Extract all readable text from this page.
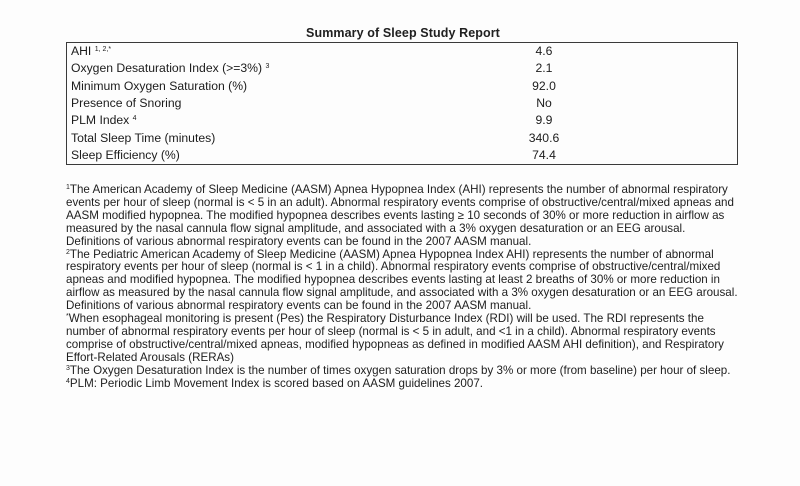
Summary of Sleep Study Report
AHI $^{1, 2,*}$	4.6
Oxygen Desaturation Index (>=3%) $^3$	2.1
Minimum Oxygen Saturation (%)	92.0
Presence of Snoring	No
PLM Index $^4$	9.9
Total Sleep Time (minutes)	340.6
Sleep Efficiency (%)	74.4

$^1$The American Academy of Sleep Medicine (AASM) Apnea Hypopnea Index (AHI) represents the number of abnormal respiratory events per hour of sleep (normal is < 5 in an adult). Abnormal respiratory events comprise of obstructive/central/mixed apneas and AASM modified hypopnea. The modified hypopnea describes events lasting ≥ 10 seconds of 30% or more reduction in airflow as measured by the nasal cannula flow signal amplitude, and associated with a 3% oxygen desaturation or an EEG arousal. Definitions of various abnormal respiratory events can be found in the 2007 AASM manual.

$^2$The Pediatric American Academy of Sleep Medicine (AASM) Apnea Hypopnea Index AHI) represents the number of abnormal respiratory events per hour of sleep (normal is < 1 in a child). Abnormal respiratory events comprise of obstructive/central/mixed apneas and modified hypopnea. The modified hypopnea describes events lasting at least 2 breaths of 30% or more reduction in airflow as measured by the nasal cannula flow signal amplitude, and associated with a 3% oxygen desaturation or an EEG arousal. Definitions of various abnormal respiratory events can be found in the 2007 AASM manual.

*When esophageal monitoring is present (Pes) the Respiratory Disturbance Index (RDI) will be used. The RDI represents the number of abnormal respiratory events per hour of sleep (normal is < 5 in adult, and <1 in a child). Abnormal respiratory events comprise of obstructive/central/mixed apneas, modified hypopneas as defined in modified AASM AHI definition), and Respiratory Effort-Related Arousals (RERAs)

$^3$The Oxygen Desaturation Index is the number of times oxygen saturation drops by 3% or more (from baseline) per hour of sleep.

$^4$PLM: Periodic Limb Movement Index is scored based on AASM guidelines 2007.
